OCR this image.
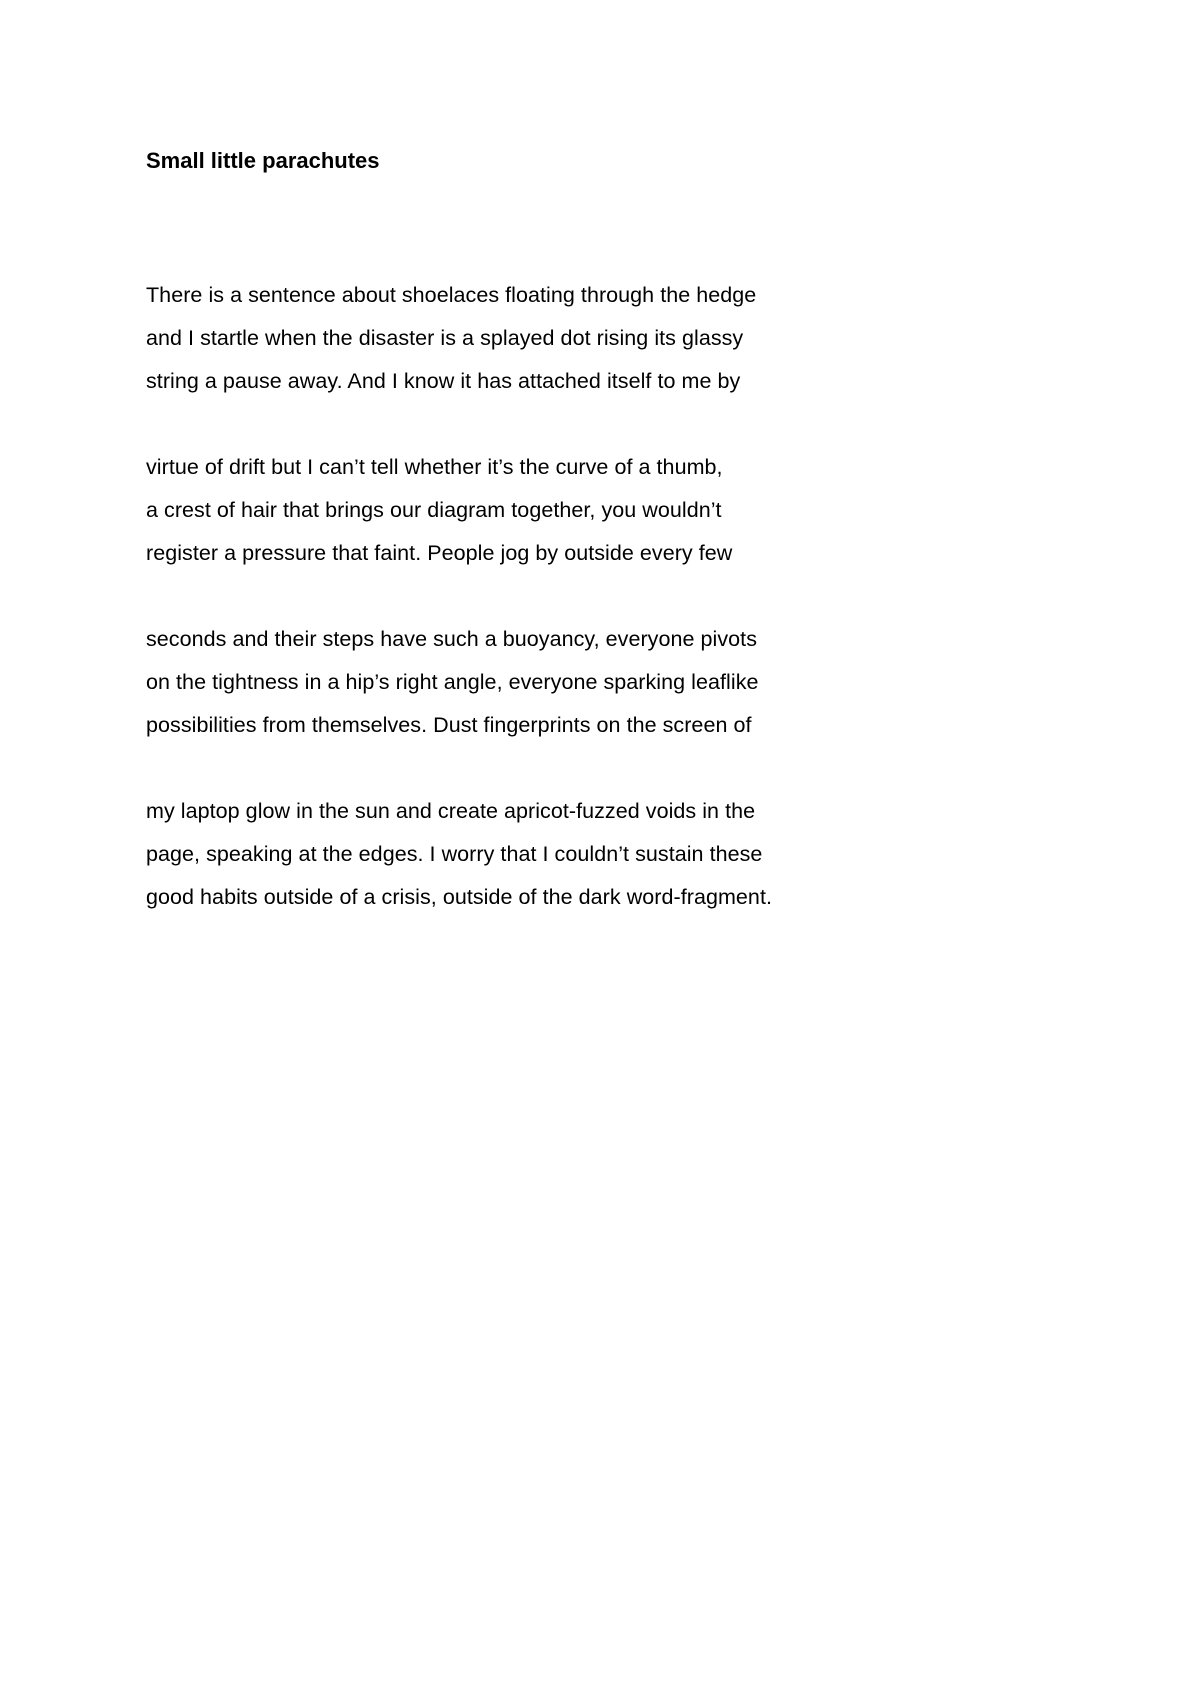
Small little parachutes
There is a sentence about shoelaces floating through the hedge
and I startle when the disaster is a splayed dot rising its glassy
string a pause away. And I know it has attached itself to me by
virtue of drift but I can’t tell whether it’s the curve of a thumb,
a crest of hair that brings our diagram together, you wouldn’t
register a pressure that faint. People jog by outside every few
seconds and their steps have such a buoyancy, everyone pivots
on the tightness in a hip’s right angle, everyone sparking leaflike
possibilities from themselves. Dust fingerprints on the screen of
my laptop glow in the sun and create apricot-fuzzed voids in the
page, speaking at the edges. I worry that I couldn’t sustain these
good habits outside of a crisis, outside of the dark word-fragment.
